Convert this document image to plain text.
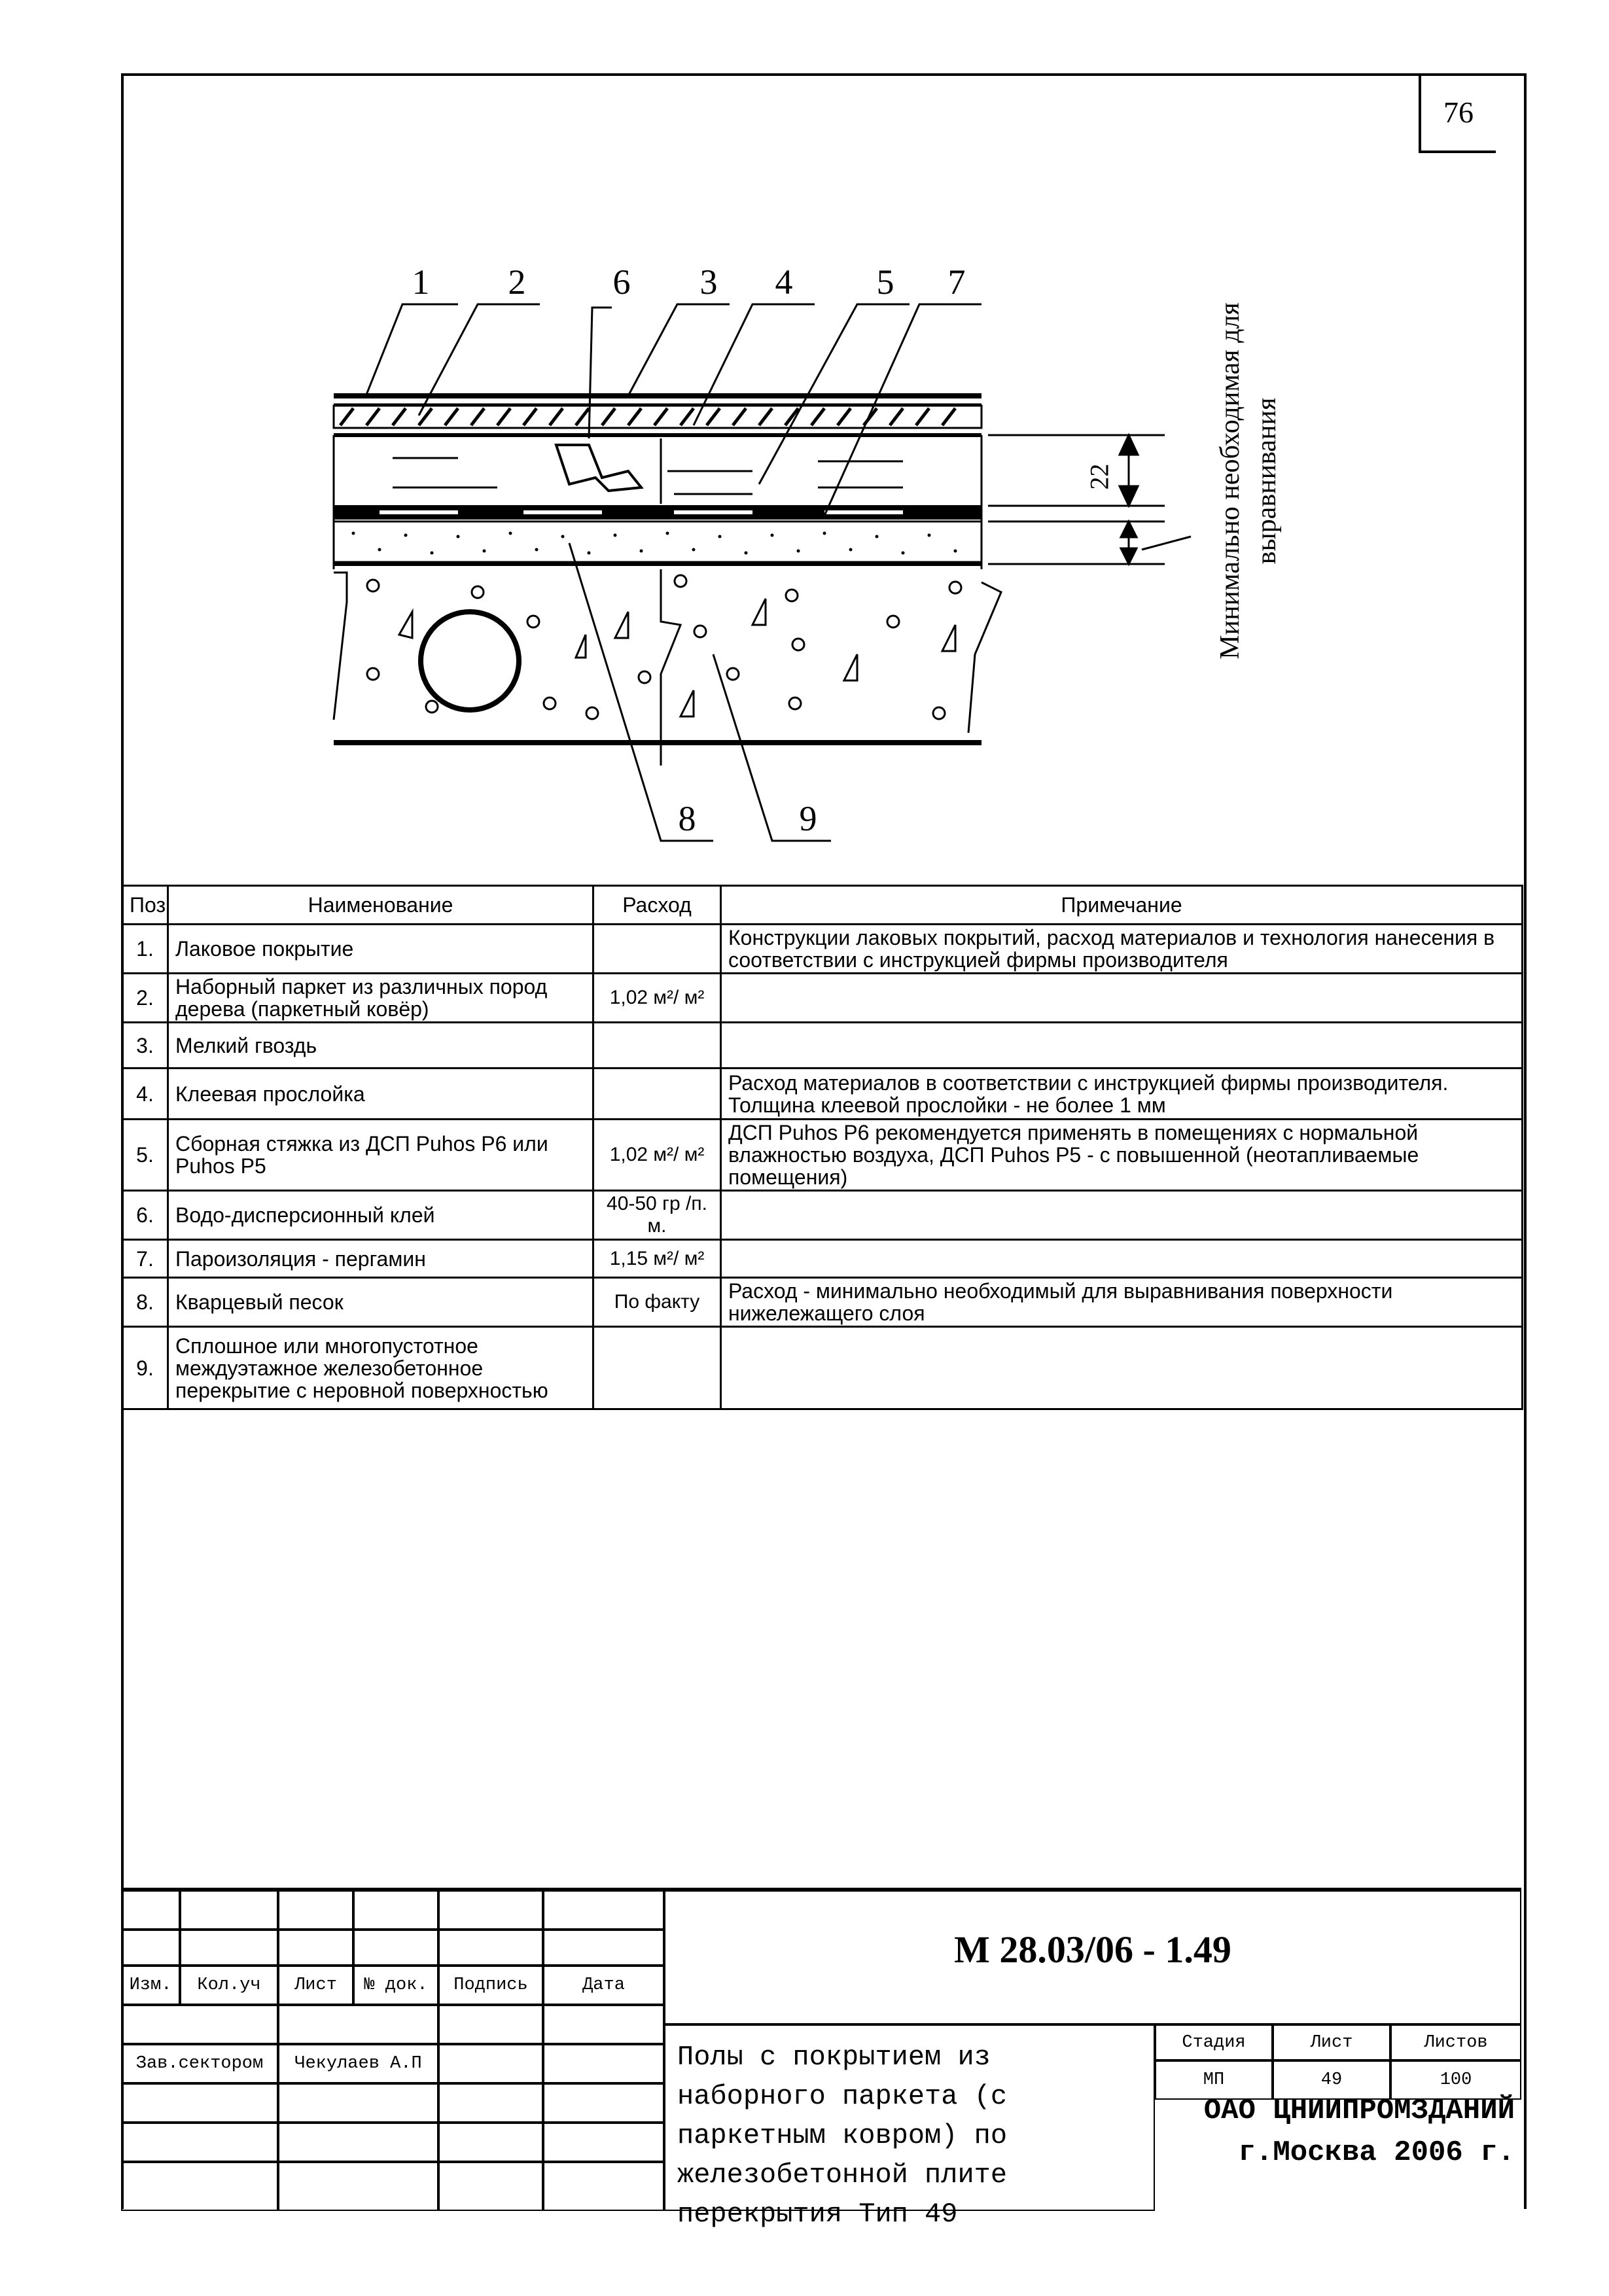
76
1	2	6	3	4	5	7
8	9
22	Минимально необходимая для выравнивания
Поз	Наименование	Расход	Примечание
1.	Лаковое покрытие		Конструкции лаковых покрытий, расход материалов и технология нанесения в соответствии с инструкцией фирмы производителя
2.	Наборный паркет из различных пород дерева (паркетный ковёр)	1,02 м²/ м²	
3.	Мелкий гвоздь		
4.	Клеевая прослойка		Расход материалов в соответствии с инструкцией фирмы производителя. Толщина клеевой прослойки - не более 1 мм
5.	Сборная стяжка из ДСП Puhos Р6 или Puhos Р5	1,02 м²/ м²	ДСП Puhos Р6 рекомендуется применять в помещениях с нормальной влажностью воздуха, ДСП Puhos Р5 - с повышенной (неотапливаемые помещения)
6.	Водо-дисперсионный клей	40-50 гр /п. м.	
7.	Пароизоляция - пергамин	1,15 м²/ м²	
8.	Кварцевый песок	По факту	Расход - минимально необходимый для выравнивания поверхности нижележащего слоя
9.	Сплошное или многопустотное междуэтажное железобетонное перекрытие с неровной поверхностью		
Изм.	Кол.уч	Лист	№ док.	Подпись	Дата
Зав.сектором	Чекулаев А.П
М 28.03/06 - 1.49
Полы с покрытием из наборного паркета (с паркетным ковром) по железобетонной плите перекрытия Тип 49
Стадия	Лист	Листов
МП	49	100
ОАО ЦНИИПРОМЗДАНИЙ
г.Москва 2006 г.
